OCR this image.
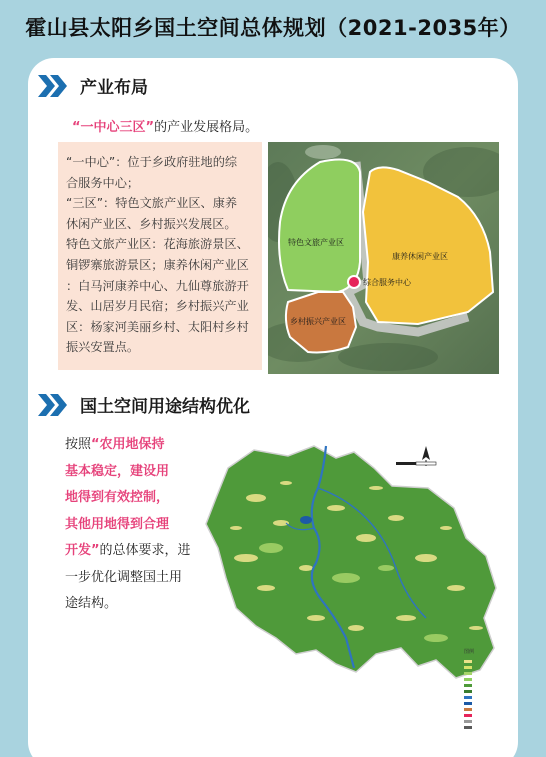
霍山县太阳乡国土空间总体规划（2021-2035年）
产业布局
“一中心三区”的产业发展格局。

“一中心”：位于乡政府驻地的综

合服务中心；

“三区”：特色文旅产业区、康养

休闲产业区、乡村振兴发展区。

特色文旅产业区：花海旅游景区、

铜锣寨旅游景区；康养休闲产业区

：白马河康养中心、九仙尊旅游开

发、山居岁月民宿；乡村振兴产业

区：杨家河美丽乡村、太阳村乡村

振兴安置点。

特色文旅产业区
康养休闲产业区
综合服务中心
乡村振兴产业区
国土空间用途结构优化
按照“农用地保持
基本稳定，建设用
地得到有效控制，
其他用地得到合理
开发”的总体要求，进一步优化调整国土用途结构。
图例
